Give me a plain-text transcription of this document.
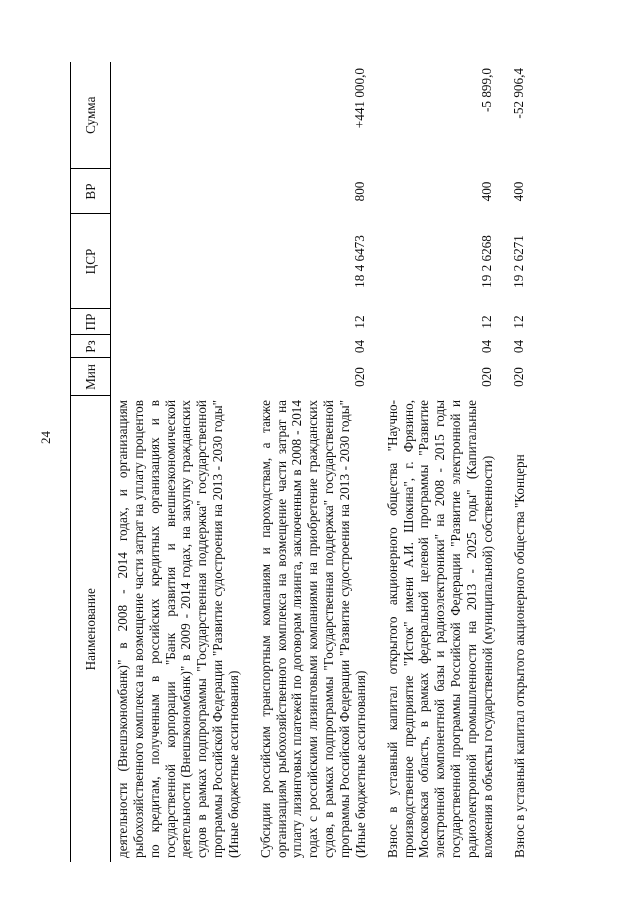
24
Наименование	Мин	Рз	ПР	ЦСР	ВР	Сумма
деятельности (Внешэкономбанк)" в 2008 - 2014 годах, и организациям рыбохозяйственного комплекса на возмещение части затрат на уплату процентов по кредитам, полученным в российских кредитных организациях и в государственной корпорации "Банк развития и внешнеэкономической деятельности (Внешэкономбанк)" в 2009 - 2014 годах, на закупку гражданских судов в рамках подпрограммы "Государственная поддержка" государственной программы Российской Федерации "Развитие судостроения на 2013 - 2030 годы" (Иные бюджетные ассигнования)						

Субсидии российским транспортным компаниям и пароходствам, а также организациям рыбохозяйственного комплекса на возмещение части затрат на уплату лизинговых платежей по договорам лизинга, заключенным в 2008 - 2014 годах с российскими лизинговыми компаниями на приобретение гражданских судов, в рамках подпрограммы "Государственная поддержка" государственной программы Российской Федерации "Развитие судостроения на 2013 - 2030 годы" (Иные бюджетные ассигнования)	020	04	12	18 4 6473	800	+441 000,0

Взнос в уставный капитал открытого акционерного общества "Научно-производственное предприятие "Исток" имени А.И. Шокина", г. Фрязино, Московская область, в рамках федеральной целевой программы "Развитие электронной компонентной базы и радиоэлектроники" на 2008 - 2015 годы государственной программы Российской Федерации "Развитие электронной и радиоэлектронной промышленности на 2013 - 2025 годы" (Капитальные вложения в объекты государственной (муниципальной) собственности)	020	04	12	19 2 6268	400	-5 899,0

Взнос в уставный капитал открытого акционерного общества "Концерн	020	04	12	19 2 6271	400	-52 906,4
